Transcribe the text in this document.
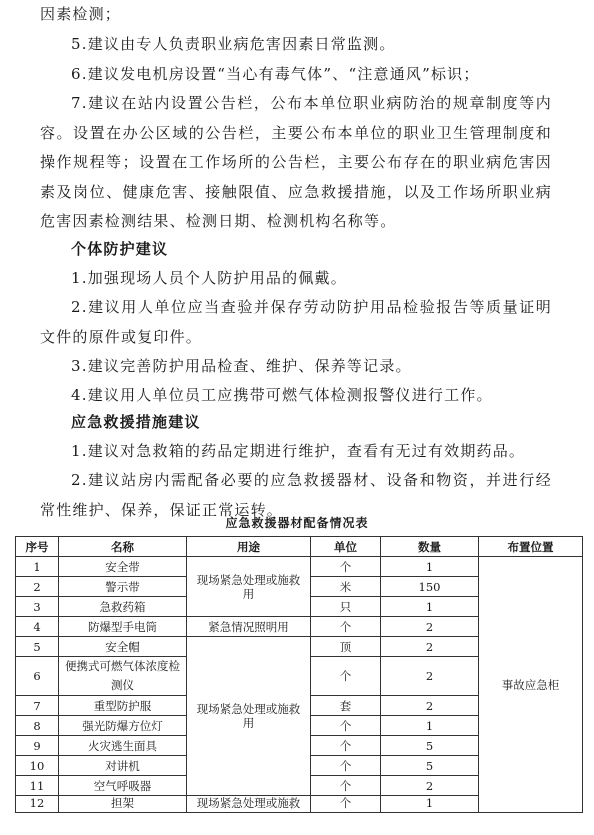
因素检测；

5.建议由专人负责职业病危害因素日常监测。

6.建议发电机房设置“当心有毒气体”、“注意通风”标识；

7.建议在站内设置公告栏，公布本单位职业病防治的规章制度等内容。设置在办公区域的公告栏，主要公布本单位的职业卫生管理制度和操作规程等；设置在工作场所的公告栏，主要公布存在的职业病危害因素及岗位、健康危害、接触限值、应急救援措施，以及工作场所职业病危害因素检测结果、检测日期、检测机构名称等。

个体防护建议

1.加强现场人员个人防护用品的佩戴。

2.建议用人单位应当查验并保存劳动防护用品检验报告等质量证明文件的原件或复印件。

3.建议完善防护用品检查、维护、保养等记录。

4.建议用人单位员工应携带可燃气体检测报警仪进行工作。

应急救援措施建议

1.建议对急救箱的药品定期进行维护，查看有无过有效期药品。

2.建议站房内需配备必要的应急救援器材、设备和物资，并进行经常性维护、保养，保证正常运转。

应急救援器材配备情况表
序号	名称	用途	单位	数量	布置位置
1	安全带	现场紧急处理或施救用	个	1	事故应急柜
2	警示带		米	150	
3	急救药箱		只	1	
4	防爆型手电筒	紧急情况照明用	个	2	
5	安全帽	现场紧急处理或施救用	顶	2	
6	便携式可燃气体浓度检测仪		个	2	
7	重型防护服		套	2	
8	强光防爆方位灯		个	1	
9	火灾逃生面具		个	5	
10	对讲机		个	5	
11	空气呼吸器		个	2	
12	担架	现场紧急处理或施救	个	1	
